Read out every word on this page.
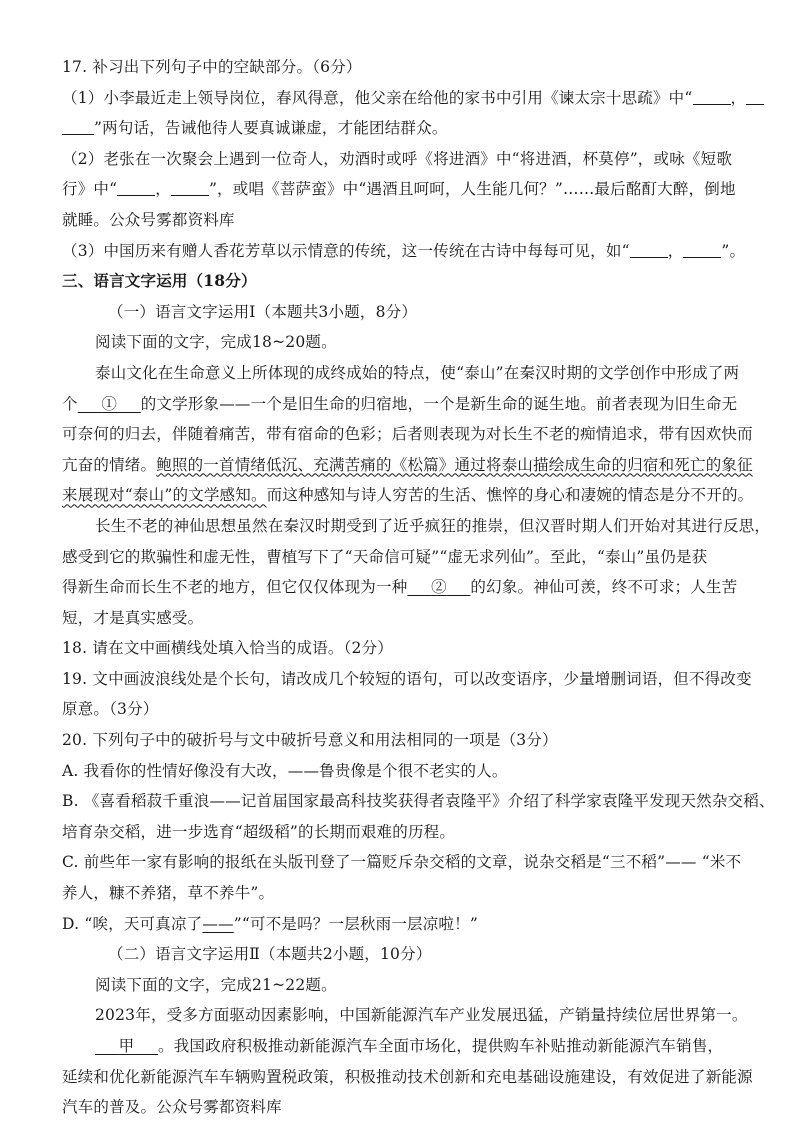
17. 补习出下列句子中的空缺部分。（6分）
（1）小李最近走上领导岗位，春风得意，他父亲在给他的家书中引用《谏太宗十思疏》中“ ，
”两句话，告诫他待人要真诚谦虚，才能团结群众。
（2）老张在一次聚会上遇到一位奇人，劝酒时或呼《将进酒》中“将进酒，杯莫停”，或咏《短歌
行》中“ ， ”，或唱《菩萨蛮》中“遇酒且呵呵，人生能几何？”……最后酩酊大醉，倒地
就睡。公众号雾都资料库
（3）中国历来有赠人香花芳草以示情意的传统，这一传统在古诗中每每可见，如“ ， ”。
三、语言文字运用（18分）
（一）语言文字运用Ⅰ（本题共3小题，8分）
阅读下面的文字，完成18~20题。
泰山文化在生命意义上所体现的成终成始的特点，使“泰山”在秦汉时期的文学创作中形成了两
个   ①   的文学形象——一个是旧生命的归宿地，一个是新生命的诞生地。前者表现为旧生命无
可奈何的归去，伴随着痛苦，带有宿命的色彩；后者则表现为对长生不老的痴情追求，带有因欢快而
亢奋的情绪。鲍照的一首情绪低沉、充满苦痛的《松篇》通过将泰山描绘成生命的归宿和死亡的象征
来展现对“泰山”的文学感知。而这种感知与诗人穷苦的生活、憔悴的身心和凄婉的情态是分不开的。
长生不老的神仙思想虽然在秦汉时期受到了近乎疯狂的推崇，但汉晋时期人们开始对其进行反思，
感受到它的欺骗性和虚无性，曹植写下了“天命信可疑”“虚无求列仙”。至此，“泰山”虽仍是获
得新生命而长生不老的地方，但它仅仅体现为一种   ②   的幻象。神仙可羡，终不可求；人生苦
短，才是真实感受。
18. 请在文中画横线处填入恰当的成语。（2分）
19. 文中画波浪线处是个长句，请改成几个较短的语句，可以改变语序，少量增删词语，但不得改变
原意。（3分）
20. 下列句子中的破折号与文中破折号意义和用法相同的一项是（3分）
A. 我看你的性情好像没有大改，——鲁贵像是个很不老实的人。
B. 《喜看稻菽千重浪——记首届国家最高科技奖获得者袁隆平》介绍了科学家袁隆平发现天然杂交稻、
培育杂交稻，进一步选育“超级稻”的长期而艰难的历程。
C. 前些年一家有影响的报纸在头版刊登了一篇贬斥杂交稻的文章，说杂交稻是“三不稻”—— “米不
养人，糠不养猪，草不养牛”。
D. “唉，天可真凉了——”“可不是吗？一层秋雨一层凉啦！”
（二）语言文字运用Ⅱ（本题共2小题，10分）
阅读下面的文字，完成21~22题。
2023年，受多方面驱动因素影响，中国新能源汽车产业发展迅猛，产销量持续位居世界第一。
  甲   。我国政府积极推动新能源汽车全面市场化，提供购车补贴推动新能源汽车销售，
延续和优化新能源汽车车辆购置税政策，积极推动技术创新和充电基础设施建设，有效促进了新能源
汽车的普及。公众号雾都资料库
